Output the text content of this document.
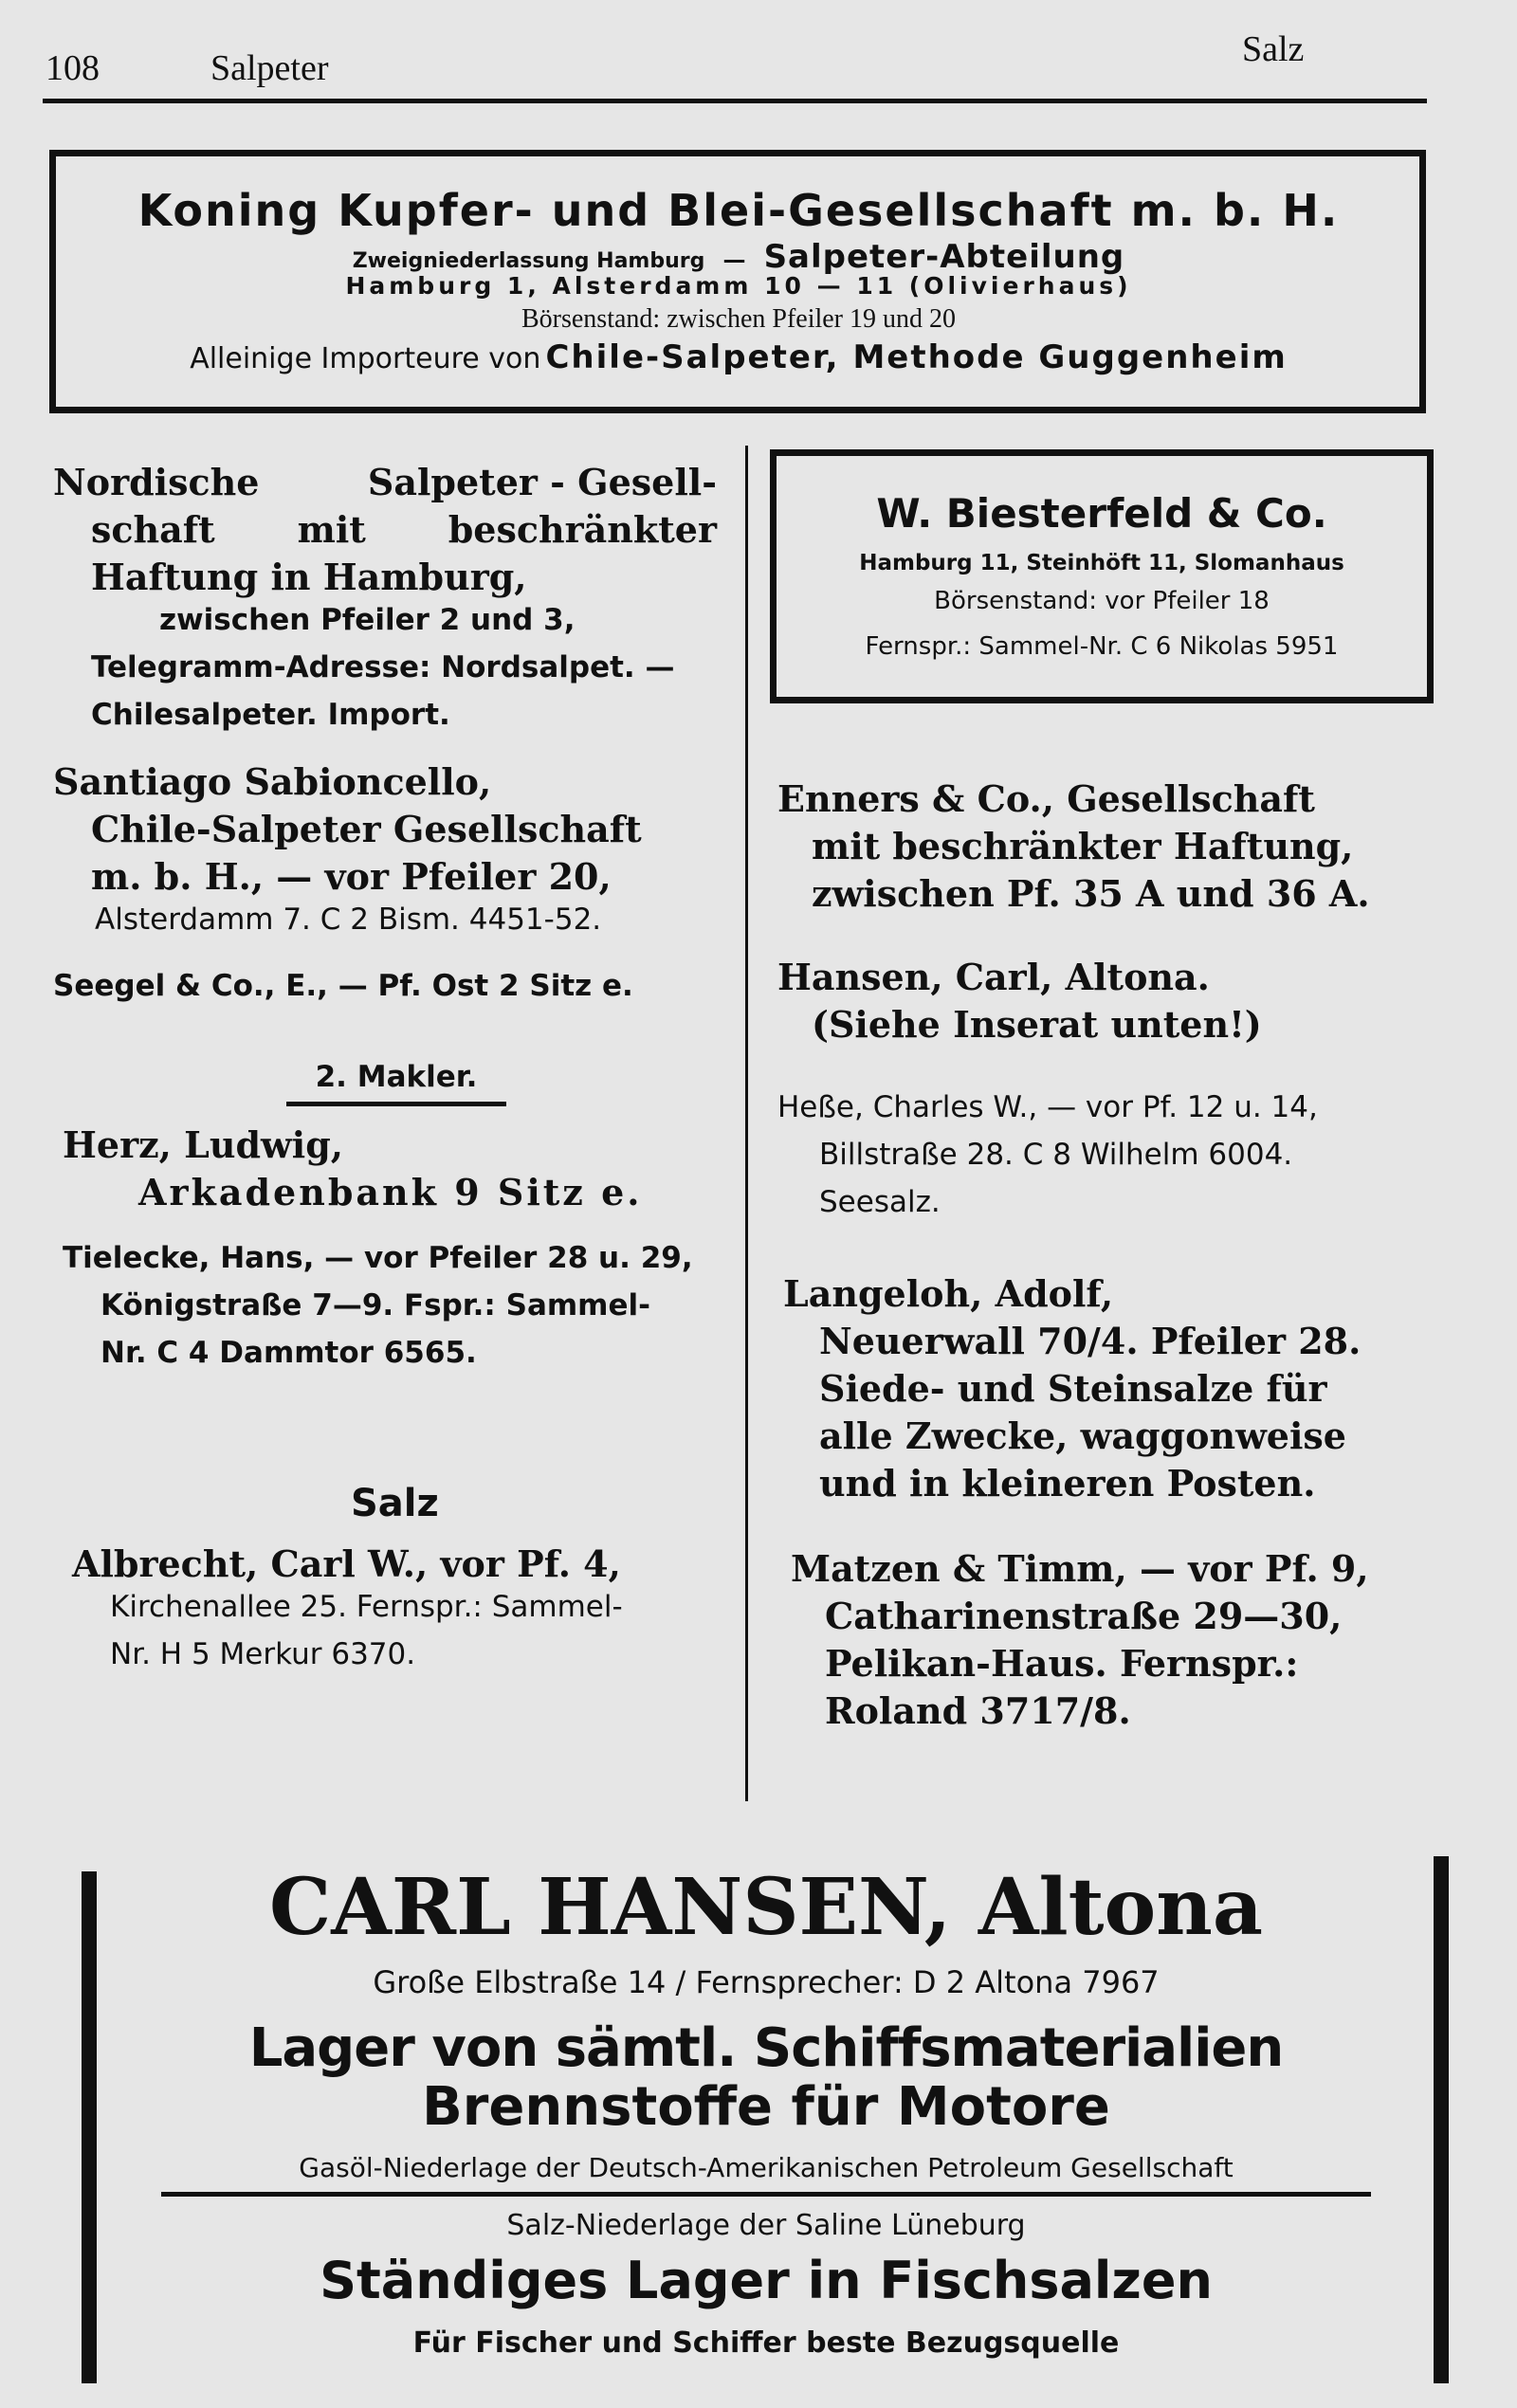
108	Salpeter	Salz
Koning Kupfer- und Blei-Gesellschaft m. b. H.
Zweigniederlassung Hamburg — Salpeter-Abteilung
Hamburg 1, Alsterdamm 10 — 11 (Olivierhaus)
Börsenstand: zwischen Pfeiler 19 und 20
Alleinige Importeure von Chile-Salpeter, Methode Guggenheim
Nordische	Salpeter - Gesell-
schaft mit beschränkter

Haftung in Hamburg,

zwischen Pfeiler 2 und 3,

Telegramm-Adresse: Nordsalpet. —

Chilesalpeter. Import.

Santiago Sabioncello,

Chile-Salpeter Gesellschaft

m. b. H., — vor Pfeiler 20,

Alsterdamm 7. C 2 Bism. 4451-52.

Seegel & Co., E., — Pf. Ost 2 Sitz e.

2. Makler.

Herz, Ludwig,

Arkadenbank 9 Sitz e.

Tielecke, Hans, — vor Pfeiler 28 u. 29,

Königstraße 7—9. Fspr.: Sammel-

Nr. C 4 Dammtor 6565.

Salz

Albrecht, Carl W., vor Pf. 4,

Kirchenallee 25. Fernspr.: Sammel-

Nr. H 5 Merkur 6370.

W. Biesterfeld & Co.
Hamburg 11, Steinhöft 11, Slomanhaus
Börsenstand: vor Pfeiler 18
Fernspr.: Sammel-Nr. C 6 Nikolas 5951

Enners & Co., Gesellschaft

mit beschränkter Haftung,

zwischen Pf. 35 A und 36 A.

Hansen, Carl, Altona.

(Siehe Inserat unten!)

Heße, Charles W., — vor Pf. 12 u. 14,

Billstraße 28. C 8 Wilhelm 6004.

Seesalz.

Langeloh, Adolf,

Neuerwall 70/4. Pfeiler 28.

Siede- und Steinsalze für

alle Zwecke, waggonweise

und in kleineren Posten.

Matzen & Timm, — vor Pf. 9,

Catharinenstraße 29—30,

Pelikan-Haus. Fernspr.:

Roland 3717/8.

CARL HANSEN, Altona
Große Elbstraße 14 / Fernsprecher: D 2 Altona 7967
Lager von sämtl. Schiffsmaterialien
Brennstoffe für Motore
Gasöl-Niederlage der Deutsch-Amerikanischen Petroleum Gesellschaft
Salz-Niederlage der Saline Lüneburg
Ständiges Lager in Fischsalzen
Für Fischer und Schiffer beste Bezugsquelle
